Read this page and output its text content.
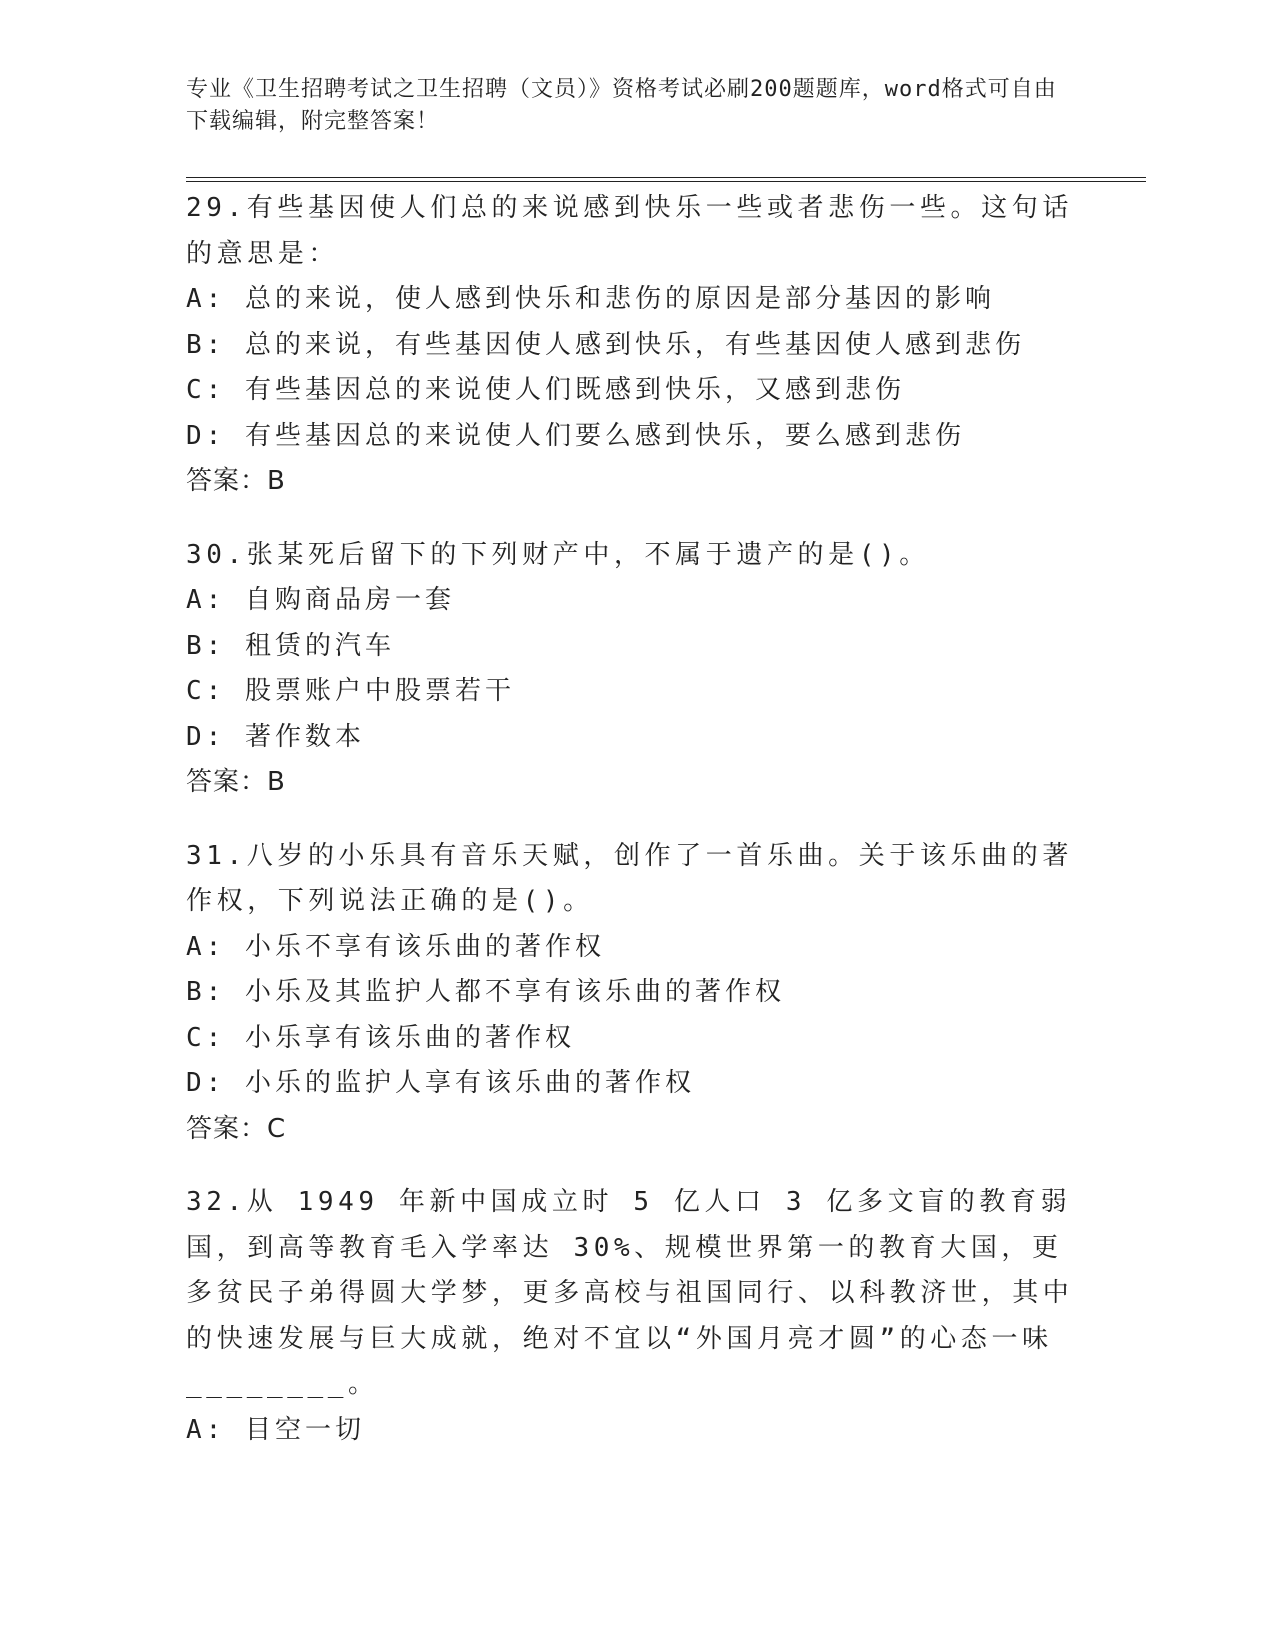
专业《卫生招聘考试之卫生招聘（文员）》资格考试必刷200题题库，word格式可自由下载编辑，附完整答案！
29.有些基因使人们总的来说感到快乐一些或者悲伤一些。这句话的意思是：
A: 总的来说，使人感到快乐和悲伤的原因是部分基因的影响
B: 总的来说，有些基因使人感到快乐，有些基因使人感到悲伤
C: 有些基因总的来说使人们既感到快乐，又感到悲伤
D: 有些基因总的来说使人们要么感到快乐，要么感到悲伤
答案：B
30.张某死后留下的下列财产中，不属于遗产的是()。
A: 自购商品房一套
B: 租赁的汽车
C: 股票账户中股票若干
D: 著作数本
答案：B
31.八岁的小乐具有音乐天赋，创作了一首乐曲。关于该乐曲的著作权，下列说法正确的是()。
A: 小乐不享有该乐曲的著作权
B: 小乐及其监护人都不享有该乐曲的著作权
C: 小乐享有该乐曲的著作权
D: 小乐的监护人享有该乐曲的著作权
答案：C
32.从 1949 年新中国成立时 5 亿人口 3 亿多文盲的教育弱国，到高等教育毛入学率达 30%、规模世界第一的教育大国，更多贫民子弟得圆大学梦，更多高校与祖国同行、以科教济世，其中的快速发展与巨大成就，绝对不宜以“外国月亮才圆”的心态一味________。
A: 目空一切
